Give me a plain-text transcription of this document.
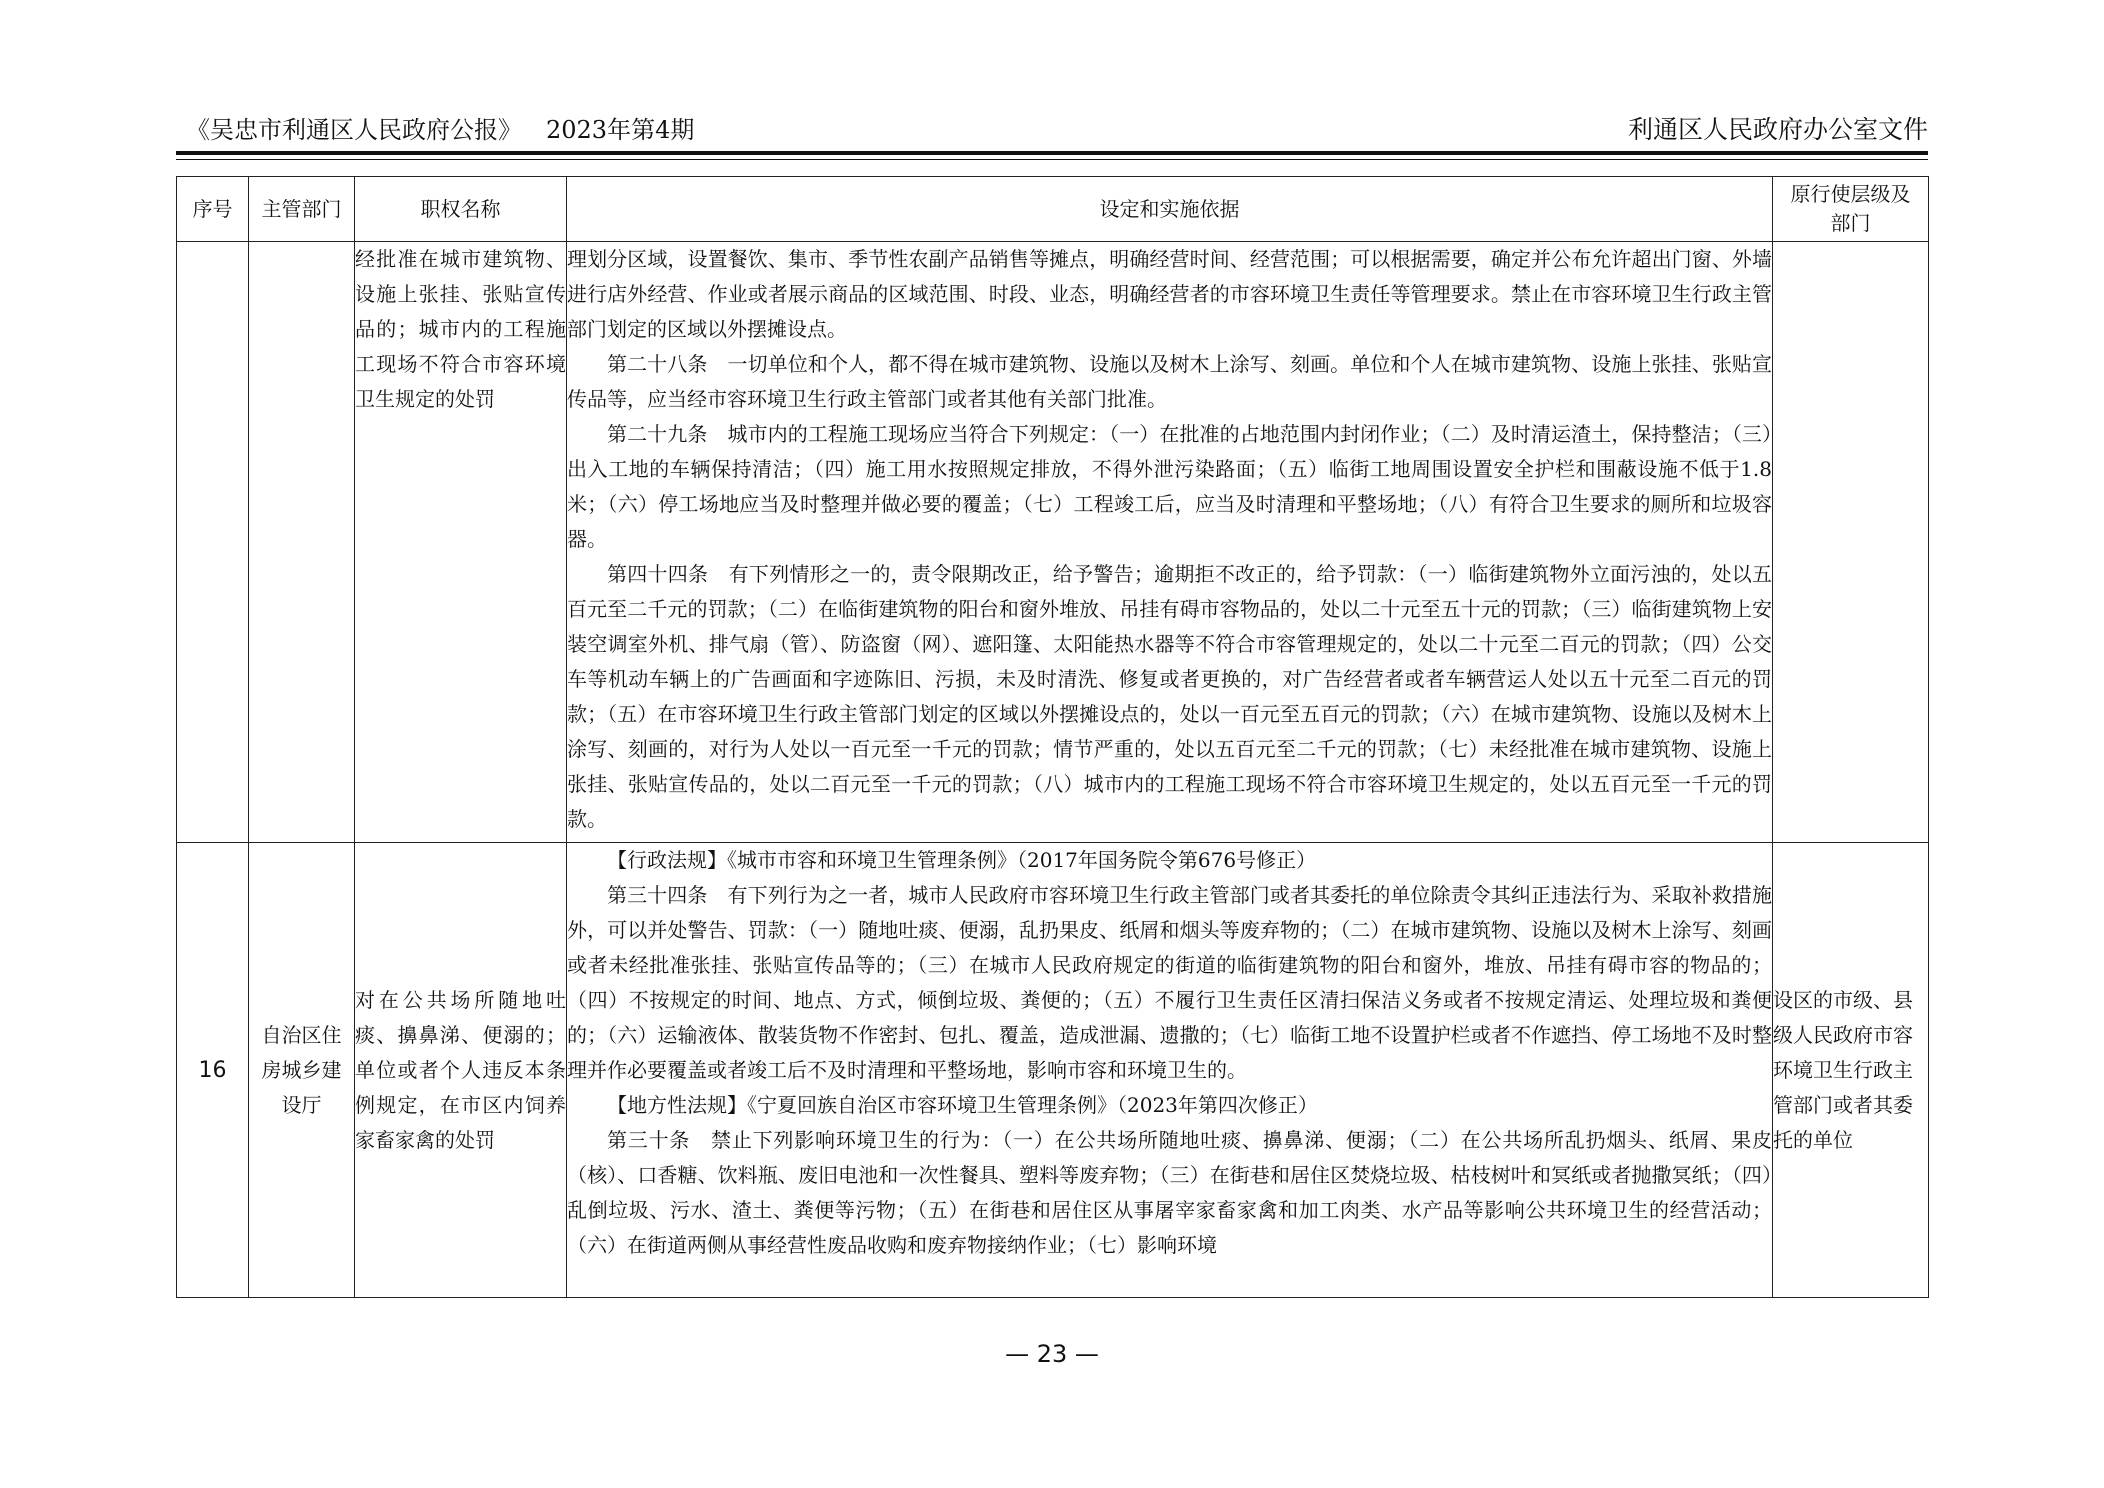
《吴忠市利通区人民政府公报》 2023年第4期	利通区人民政府办公室文件
序号	主管部门	职权名称	设定和实施依据	原行使层级及部门
		经批准在城市建筑物、设施上张挂、张贴宣传品的；城市内的工程施工现场不符合市容环境卫生规定的处罚	理划分区域，设置餐饮、集市、季节性农副产品销售等摊点，明确经营时间、经营范围；可以根据需要，确定并公布允许超出门窗、外墙进行店外经营、作业或者展示商品的区域范围、时段、业态，明确经营者的市容环境卫生责任等管理要求。禁止在市容环境卫生行政主管部门划定的区域以外摆摊设点。

第二十八条　一切单位和个人，都不得在城市建筑物、设施以及树木上涂写、刻画。单位和个人在城市建筑物、设施上张挂、张贴宣传品等，应当经市容环境卫生行政主管部门或者其他有关部门批准。

第二十九条　城市内的工程施工现场应当符合下列规定：（一）在批准的占地范围内封闭作业；（二）及时清运渣土，保持整洁；（三）出入工地的车辆保持清洁；（四）施工用水按照规定排放，不得外泄污染路面；（五）临街工地周围设置安全护栏和围蔽设施不低于1.8米；（六）停工场地应当及时整理并做必要的覆盖；（七）工程竣工后，应当及时清理和平整场地；（八）有符合卫生要求的厕所和垃圾容器。

第四十四条　有下列情形之一的，责令限期改正，给予警告；逾期拒不改正的，给予罚款：（一）临街建筑物外立面污浊的，处以五百元至二千元的罚款；（二）在临街建筑物的阳台和窗外堆放、吊挂有碍市容物品的，处以二十元至五十元的罚款；（三）临街建筑物上安装空调室外机、排气扇（管）、防盗窗（网）、遮阳篷、太阳能热水器等不符合市容管理规定的，处以二十元至二百元的罚款；（四）公交车等机动车辆上的广告画面和字迹陈旧、污损，未及时清洗、修复或者更换的，对广告经营者或者车辆营运人处以五十元至二百元的罚款；（五）在市容环境卫生行政主管部门划定的区域以外摆摊设点的，处以一百元至五百元的罚款；（六）在城市建筑物、设施以及树木上涂写、刻画的，对行为人处以一百元至一千元的罚款；情节严重的，处以五百元至二千元的罚款；（七）未经批准在城市建筑物、设施上张挂、张贴宣传品的，处以二百元至一千元的罚款；（八）城市内的工程施工现场不符合市容环境卫生规定的，处以五百元至一千元的罚款。	

16	自治区住房城乡建设厅	对在公共场所随地吐痰、擤鼻涕、便溺的；单位或者个人违反本条例规定，在市区内饲养家畜家禽的处罚	【行政法规】《城市市容和环境卫生管理条例》（2017年国务院令第676号修正）

第三十四条　有下列行为之一者，城市人民政府市容环境卫生行政主管部门或者其委托的单位除责令其纠正违法行为、采取补救措施外，可以并处警告、罚款：（一）随地吐痰、便溺，乱扔果皮、纸屑和烟头等废弃物的；（二）在城市建筑物、设施以及树木上涂写、刻画或者未经批准张挂、张贴宣传品等的；（三）在城市人民政府规定的街道的临街建筑物的阳台和窗外，堆放、吊挂有碍市容的物品的；（四）不按规定的时间、地点、方式，倾倒垃圾、粪便的；（五）不履行卫生责任区清扫保洁义务或者不按规定清运、处理垃圾和粪便的；（六）运输液体、散装货物不作密封、包扎、覆盖，造成泄漏、遗撒的；（七）临街工地不设置护栏或者不作遮挡、停工场地不及时整理并作必要覆盖或者竣工后不及时清理和平整场地，影响市容和环境卫生的。

【地方性法规】《宁夏回族自治区市容环境卫生管理条例》（2023年第四次修正）

第三十条　禁止下列影响环境卫生的行为：（一）在公共场所随地吐痰、擤鼻涕、便溺；（二）在公共场所乱扔烟头、纸屑、果皮（核）、口香糖、饮料瓶、废旧电池和一次性餐具、塑料等废弃物；（三）在街巷和居住区焚烧垃圾、枯枝树叶和冥纸或者抛撒冥纸；（四）乱倒垃圾、污水、渣土、粪便等污物；（五）在街巷和居住区从事屠宰家畜家禽和加工肉类、水产品等影响公共环境卫生的经营活动；（六）在街道两侧从事经营性废品收购和废弃物接纳作业；（七）影响环境	设区的市级、县级人民政府市容环境卫生行政主管部门或者其委托的单位
— 23 —
